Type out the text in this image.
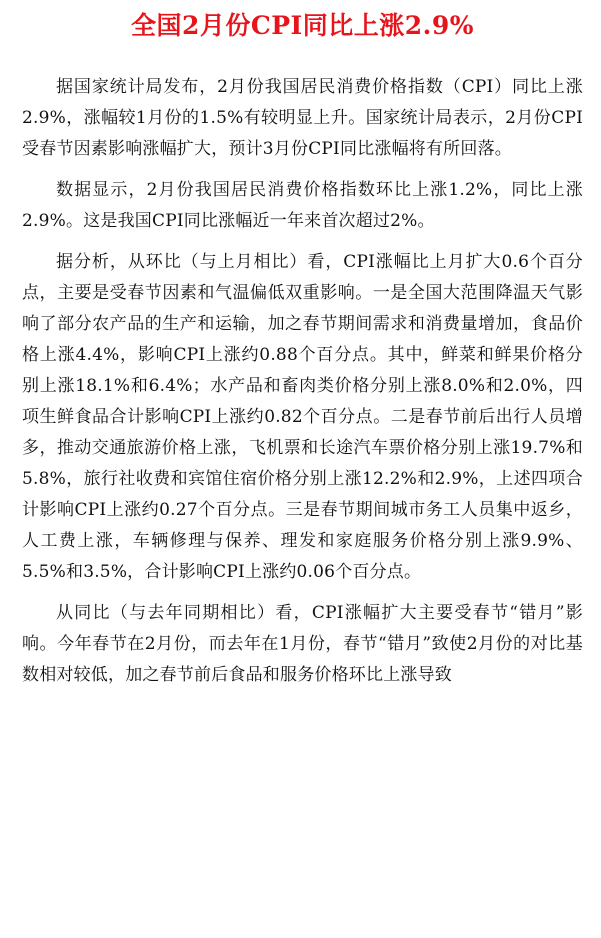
全国2月份CPI同比上涨2.9%

据国家统计局发布，2月份我国居民消费价格指数（CPI）同比上涨2.9%，涨幅较1月份的1.5%有较明显上升。国家统计局表示，2月份CPI受春节因素影响涨幅扩大，预计3月份CPI同比涨幅将有所回落。

数据显示，2月份我国居民消费价格指数环比上涨1.2%，同比上涨2.9%。这是我国CPI同比涨幅近一年来首次超过2%。

据分析，从环比（与上月相比）看，CPI涨幅比上月扩大0.6个百分点，主要是受春节因素和气温偏低双重影响。一是全国大范围降温天气影响了部分农产品的生产和运输，加之春节期间需求和消费量增加，食品价格上涨4.4%，影响CPI上涨约0.88个百分点。其中，鲜菜和鲜果价格分别上涨18.1%和6.4%；水产品和畜肉类价格分别上涨8.0%和2.0%，四项生鲜食品合计影响CPI上涨约0.82个百分点。二是春节前后出行人员增多，推动交通旅游价格上涨，飞机票和长途汽车票价格分别上涨19.7%和5.8%，旅行社收费和宾馆住宿价格分别上涨12.2%和2.9%，上述四项合计影响CPI上涨约0.27个百分点。三是春节期间城市务工人员集中返乡，人工费上涨，车辆修理与保养、理发和家庭服务价格分别上涨9.9%、5.5%和3.5%，合计影响CPI上涨约0.06个百分点。

从同比（与去年同期相比）看，CPI涨幅扩大主要受春节“错月”影响。今年春节在2月份，而去年在1月份，春节“错月”致使2月份的对比基数相对较低，加之春节前后食品和服务价格环比上涨导致
